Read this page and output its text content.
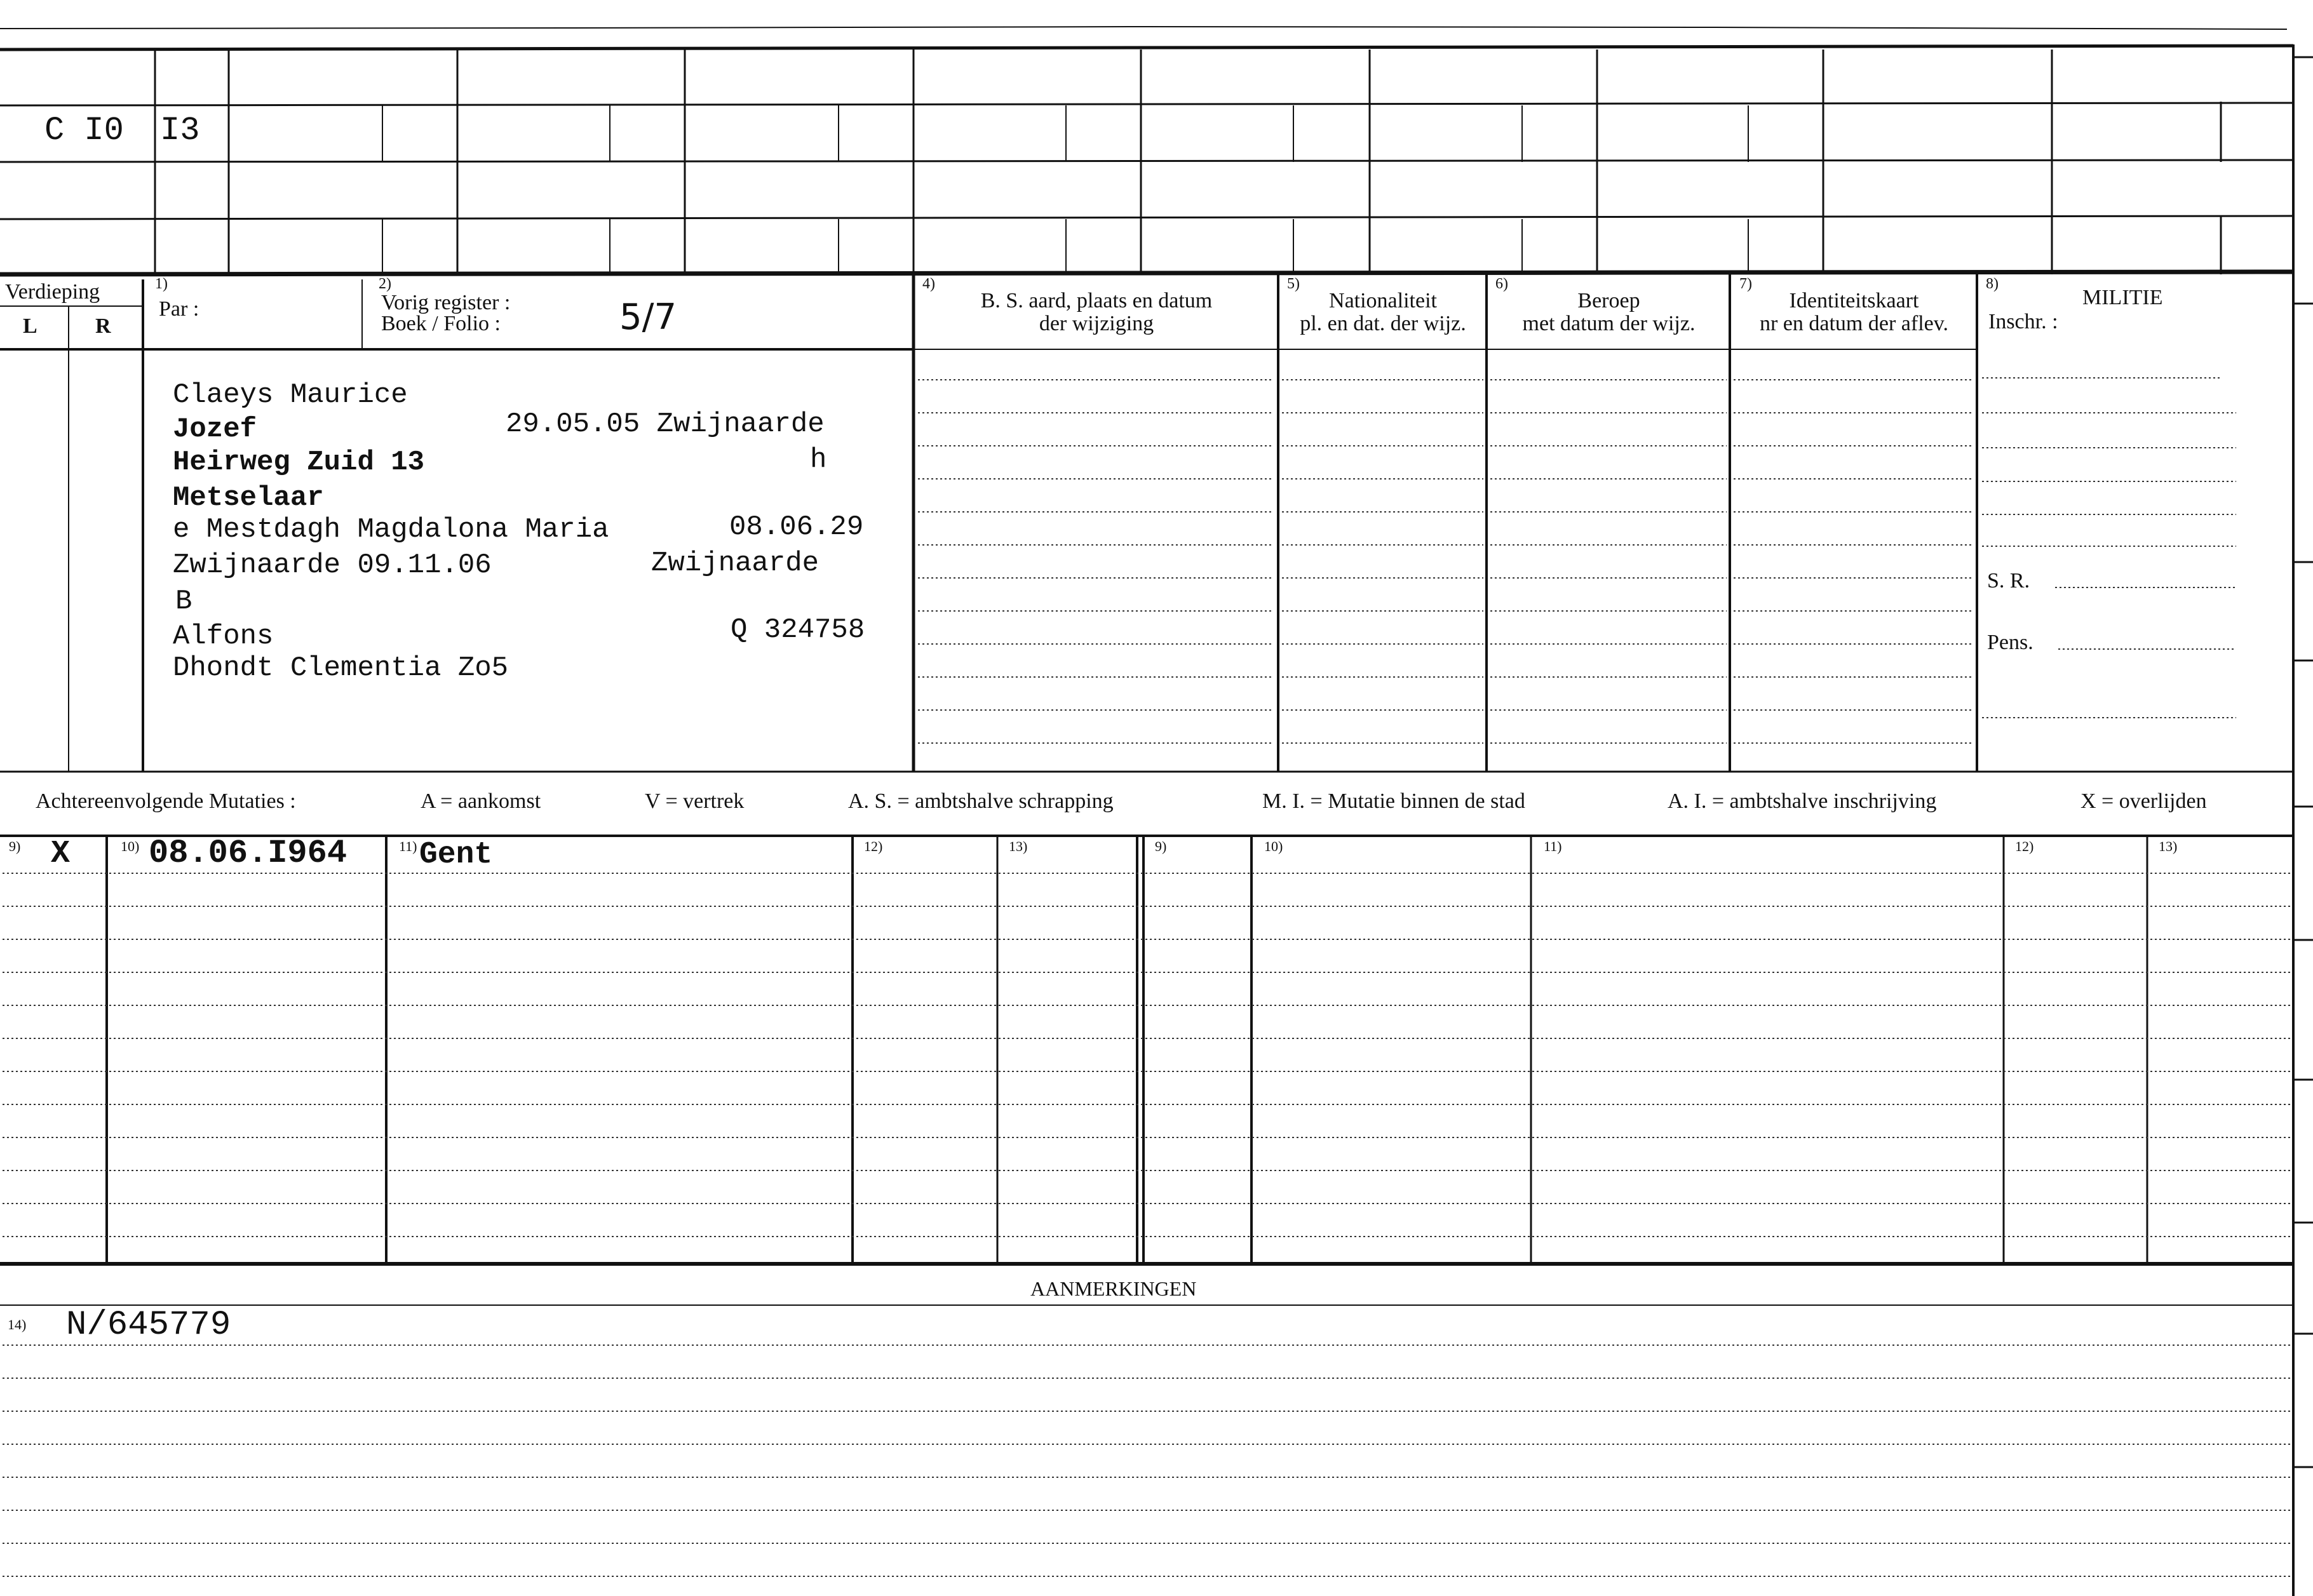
C I0 I3
Verdieping
L	R
1)
Par :
2)
Vorig register :
Boek / Folio :	5/7
4)
B. S. aard, plaats en datum
der wijziging
5)
Nationaliteit
pl. en dat. der wijz.
6)
Beroep
met datum der wijz.
7)
Identiteitskaart
nr en datum der aflev.
8)
MILITIE
Inschr. :
S. R.
Pens.
Claeys Maurice
Jozef	29.05.05 Zwijnaarde
Heirweg Zuid 13	h
Metselaar
e Mestdagh Magdalona Maria	08.06.29
Zwijnaarde 09.11.06	Zwijnaarde
B
Alfons	Q 324758
Dhondt Clementia Zo5
Achtereenvolgende Mutaties :	A = aankomst	V = vertrek	A. S. = ambtshalve schrapping	M. I. = Mutatie binnen de stad	A. I. = ambtshalve inschrijving	X = overlijden
9)	10)	11)	12)	13)	9)	10)	11)	12)	13)
X 08.06.I964 Gent
AANMERKINGEN
14) N/645779
